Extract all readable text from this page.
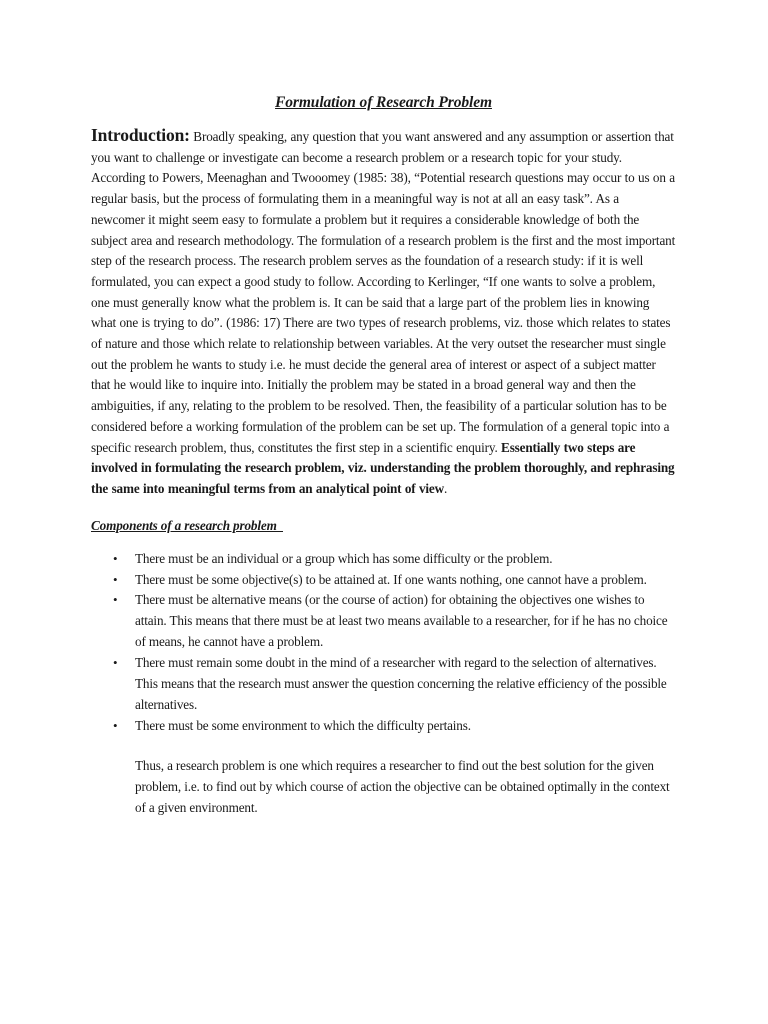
Formulation of Research Problem

Introduction: Broadly speaking, any question that you want answered and any assumption or assertion that you want to challenge or investigate can become a research problem or a research topic for your study. According to Powers, Meenaghan and Twooomey (1985: 38), “Potential research questions may occur to us on a regular basis, but the process of formulating them in a meaningful way is not at all an easy task”. As a newcomer it might seem easy to formulate a problem but it requires a considerable knowledge of both the subject area and research methodology. The formulation of a research problem is the first and the most important step of the research process. The research problem serves as the foundation of a research study: if it is well formulated, you can expect a good study to follow. According to Kerlinger, “If one wants to solve a problem, one must generally know what the problem is. It can be said that a large part of the problem lies in knowing what one is trying to do”. (1986: 17) There are two types of research problems, viz. those which relates to states of nature and those which relate to relationship between variables. At the very outset the researcher must single out the problem he wants to study i.e. he must decide the general area of interest or aspect of a subject matter that he would like to inquire into. Initially the problem may be stated in a broad general way and then the ambiguities, if any, relating to the problem to be resolved. Then, the feasibility of a particular solution has to be considered before a working formulation of the problem can be set up. The formulation of a general topic into a specific research problem, thus, constitutes the first step in a scientific enquiry. Essentially two steps are involved in formulating the research problem, viz. understanding the problem thoroughly, and rephrasing the same into meaningful terms from an analytical point of view.

Components of a research problem
• There must be an individual or a group which has some difficulty or the problem.
• There must be some objective(s) to be attained at. If one wants nothing, one cannot have a problem.
• There must be alternative means (or the course of action) for obtaining the objectives one wishes to attain. This means that there must be at least two means available to a researcher, for if he has no choice of means, he cannot have a problem.
• There must remain some doubt in the mind of a researcher with regard to the selection of alternatives. This means that the research must answer the question concerning the relative efficiency of the possible alternatives.
• There must be some environment to which the difficulty pertains.

Thus, a research problem is one which requires a researcher to find out the best solution for the given problem, i.e. to find out by which course of action the objective can be obtained optimally in the context of a given environment.
